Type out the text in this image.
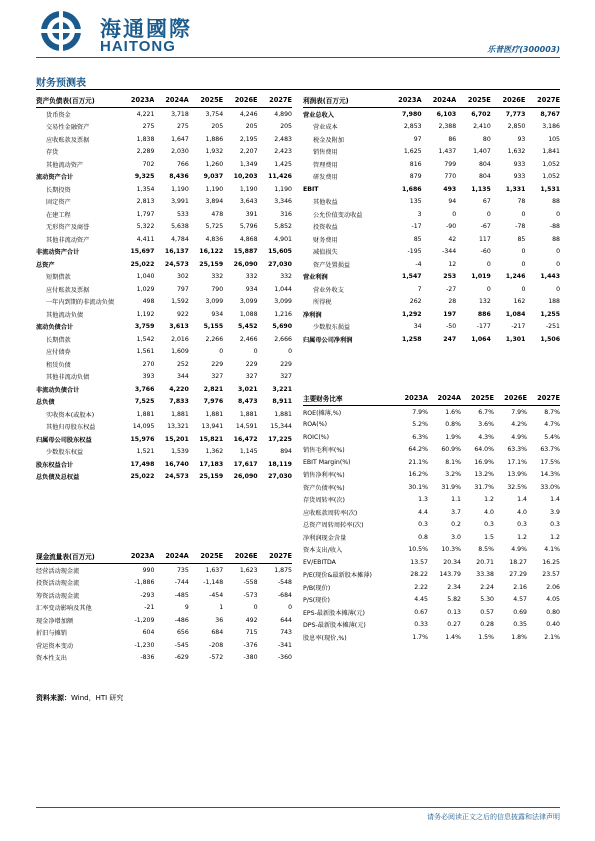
海通國際
HAITONG	乐普医疗(300003)
财务预测表
资产负债表(百万元)	2023A	2024A	2025E	2026E	2027E
货币资金	4,221	3,718	3,754	4,246	4,890
交易性金融资产	275	275	205	205	205
应收账款及票据	1,838	1,647	1,886	2,195	2,483
存货	2,289	2,030	1,932	2,207	2,423
其他流动资产	702	766	1,260	1,349	1,425
流动资产合计	9,325	8,436	9,037	10,203	11,426
长期投资	1,354	1,190	1,190	1,190	1,190
固定资产	2,813	3,991	3,894	3,643	3,346
在建工程	1,797	533	478	391	316
无形资产及商誉	5,322	5,638	5,725	5,796	5,852
其他非流动资产	4,411	4,784	4,836	4,868	4,901
非流动资产合计	15,697	16,137	16,122	15,887	15,605
总资产	25,022	24,573	25,159	26,090	27,030
短期借款	1,040	302	332	332	332
应付账款及票据	1,029	797	790	934	1,044
一年内到期的非流动负债	498	1,592	3,099	3,099	3,099
其他流动负债	1,192	922	934	1,088	1,216
流动负债合计	3,759	3,613	5,155	5,452	5,690
长期借款	1,542	2,016	2,266	2,466	2,666
应付债券	1,561	1,609	0	0	0
租赁负债	270	252	229	229	229
其他非流动负债	393	344	327	327	327
非流动负债合计	3,766	4,220	2,821	3,021	3,221
总负债	7,525	7,833	7,976	8,473	8,911
实收资本(或股本)	1,881	1,881	1,881	1,881	1,881
其他归母股东权益	14,095	13,321	13,941	14,591	15,344
归属母公司股东权益	15,976	15,201	15,821	16,472	17,225
少数股东权益	1,521	1,539	1,362	1,145	894
股东权益合计	17,498	16,740	17,183	17,617	18,119
总负债及总权益	25,022	24,573	25,159	26,090	27,030
利润表(百万元)	2023A	2024A	2025E	2026E	2027E
营业总收入	7,980	6,103	6,702	7,773	8,767
营业成本	2,853	2,388	2,410	2,850	3,186
税金及附加	97	86	80	93	105
销售费用	1,625	1,437	1,407	1,632	1,841
管理费用	816	799	804	933	1,052
研发费用	879	770	804	933	1,052
EBIT	1,686	493	1,135	1,331	1,531
其他收益	135	94	67	78	88
公允价值变动收益	3	0	0	0	0
投资收益	-17	-90	-67	-78	-88
财务费用	85	42	117	85	88
减值损失	-195	-344	-60	0	0
资产处置损益	-4	12	0	0	0
营业利润	1,547	253	1,019	1,246	1,443
营业外收支	7	-27	0	0	0
所得税	262	28	132	162	188
净利润	1,292	197	886	1,084	1,255
少数股东损益	34	-50	-177	-217	-251
归属母公司净利润	1,258	247	1,064	1,301	1,506
主要财务比率	2023A	2024A	2025E	2026E	2027E
ROE(摊薄,%)	7.9%	1.6%	6.7%	7.9%	8.7%
ROA(%)	5.2%	0.8%	3.6%	4.2%	4.7%
ROIC(%)	6.3%	1.9%	4.3%	4.9%	5.4%
销售毛利率(%)	64.2%	60.9%	64.0%	63.3%	63.7%
EBIT Margin(%)	21.1%	8.1%	16.9%	17.1%	17.5%
销售净利率(%)	16.2%	3.2%	13.2%	13.9%	14.3%
资产负债率(%)	30.1%	31.9%	31.7%	32.5%	33.0%
存货周转率(次)	1.3	1.1	1.2	1.4	1.4
应收账款周转率(次)	4.4	3.7	4.0	4.0	3.9
总资产周转周转率(次)	0.3	0.2	0.3	0.3	0.3
净利润现金含量	0.8	3.0	1.5	1.2	1.2
资本支出/收入	10.5%	10.3%	8.5%	4.9%	4.1%
EV/EBITDA	13.57	20.34	20.71	18.27	16.25
P/E(现价&最新股本摊薄)	28.22	143.79	33.38	27.29	23.57
P/B(现价)	2.22	2.34	2.24	2.16	2.06
P/S(现价)	4.45	5.82	5.30	4.57	4.05
EPS-最新股本摊薄(元)	0.67	0.13	0.57	0.69	0.80
DPS-最新股本摊薄(元)	0.33	0.27	0.28	0.35	0.40
股息率(现价,%)	1.7%	1.4%	1.5%	1.8%	2.1%
现金流量表(百万元)	2023A	2024A	2025E	2026E	2027E
经营活动现金流	990	735	1,637	1,623	1,875
投资活动现金流	-1,886	-744	-1,148	-558	-548
筹资活动现金流	-293	-485	-454	-573	-684
汇率变动影响及其他	-21	9	1	0	0
现金净增加额	-1,209	-486	36	492	644
折旧与摊销	604	656	684	715	743
营运资本变动	-1,230	-545	-208	-376	-341
资本性支出	-836	-629	-572	-380	-360
资料来源：Wind，HTI 研究
请务必阅读正文之后的信息披露和法律声明
